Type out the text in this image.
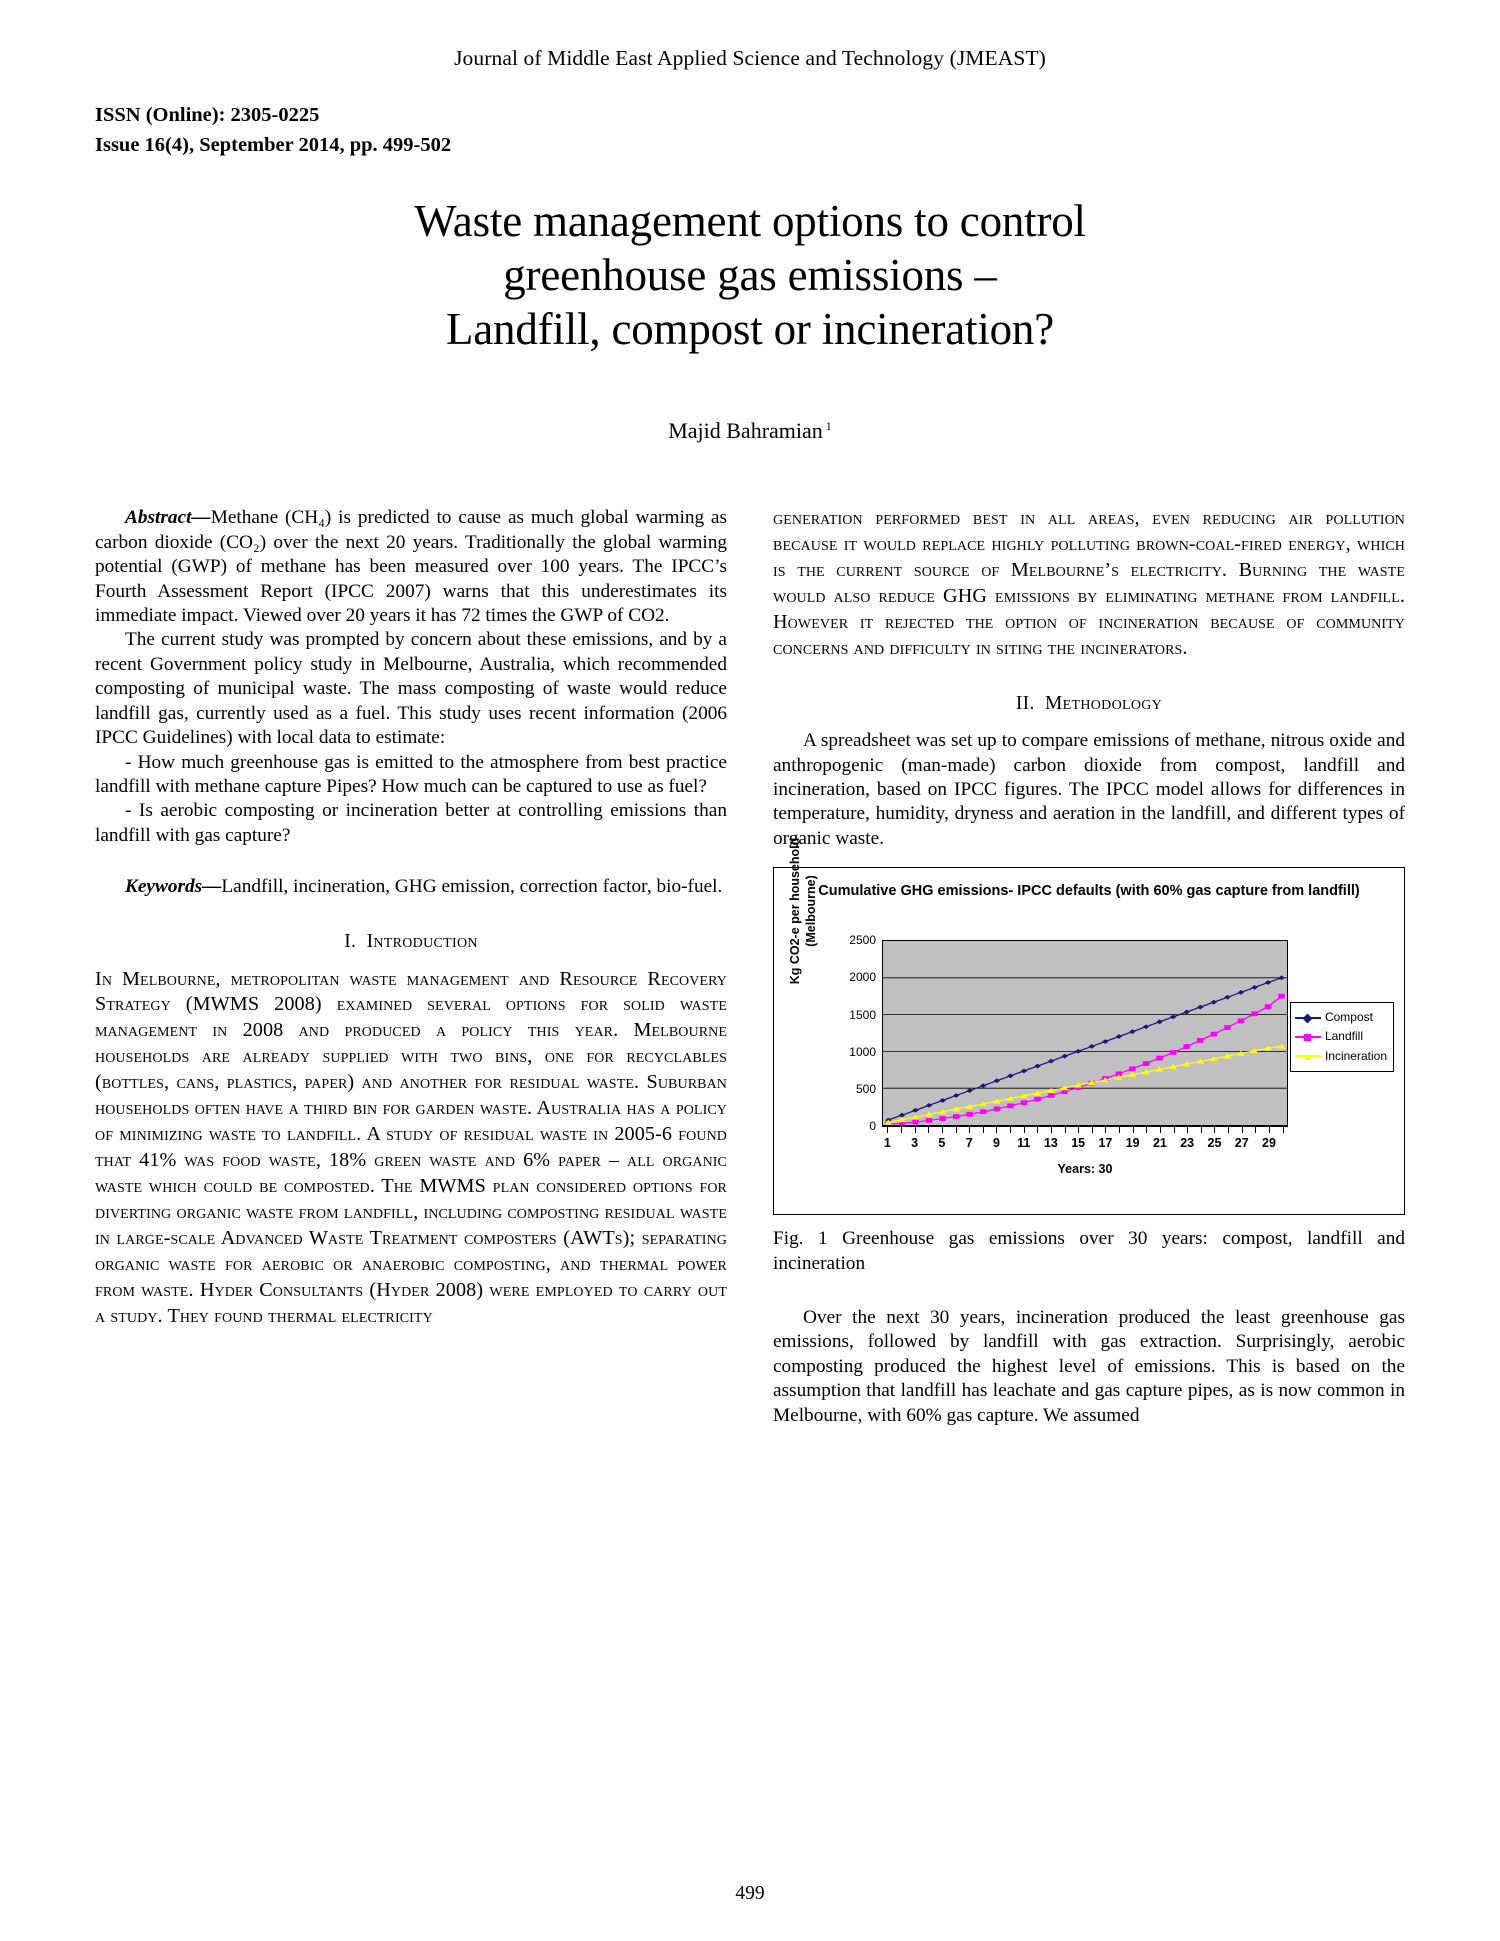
Journal of Middle East Applied Science and Technology (JMEAST)
ISSN (Online): 2305-0225
Issue 16(4), September 2014, pp. 499-502
Waste management options to control
greenhouse gas emissions –
Landfill, compost or incineration?
Majid Bahramian $^1$

Abstract—Methane (CH₄) is predicted to cause as much global warming as carbon dioxide (CO₂) over the next 20 years. Traditionally the global warming potential (GWP) of methane has been measured over 100 years. The IPCC’s Fourth Assessment Report (IPCC 2007) warns that this underestimates its immediate impact. Viewed over 20 years it has 72 times the GWP of CO2.

The current study was prompted by concern about these emissions, and by a recent Government policy study in Melbourne, Australia, which recommended composting of municipal waste. The mass composting of waste would reduce landfill gas, currently used as a fuel. This study uses recent information (2006 IPCC Guidelines) with local data to estimate:

- How much greenhouse gas is emitted to the atmosphere from best practice landfill with methane capture Pipes? How much can be captured to use as fuel?

- Is aerobic composting or incineration better at controlling emissions than landfill with gas capture?

Keywords—Landfill, incineration, GHG emission, correction factor, bio-fuel.

I. Introduction

In Melbourne, metropolitan waste management and Resource Recovery Strategy (MWMS 2008) examined several options for solid waste management in 2008 and produced a policy this year. Melbourne households are already supplied with two bins, one for recyclables (bottles, cans, plastics, paper) and another for residual waste. Suburban households often have a third bin for garden waste. Australia has a policy of minimizing waste to landfill. A study of residual waste in 2005-6 found that 41% was food waste, 18% green waste and 6% paper – all organic waste which could be composted. The MWMS plan considered options for diverting organic waste from landfill, including composting residual waste in large-scale Advanced Waste Treatment composters (AWTs); separating organic waste for aerobic or anaerobic composting, and thermal power from waste. Hyder Consultants (Hyder 2008) were employed to carry out a study. They found thermal electricity

generation performed best in all areas, even reducing air pollution because it would replace highly polluting brown-coal-fired energy, which is the current source of Melbourne’s electricity. Burning the waste would also reduce GHG emissions by eliminating methane from landfill. However it rejected the option of incineration because of community concerns and difficulty in siting the incinerators.

II. Methodology

A spreadsheet was set up to compare emissions of methane, nitrous oxide and anthropogenic (man-made) carbon dioxide from compost, landfill and incineration, based on IPCC figures. The IPCC model allows for differences in temperature, humidity, dryness and aeration in the landfill, and different types of organic waste.

Cumulative GHG emissions- IPCC defaults (with 60% gas capture from landfill)
Kg CO2-e per household (Melbourne)
0
500
1000
1500
2000
2500
1 3 5 7 9 11 13 15 17 19 21 23 25 27 29
Years: 30
Compost
Landfill
Incineration
Fig. 1 Greenhouse gas emissions over 30 years: compost, landfill and incineration

Over the next 30 years, incineration produced the least greenhouse gas emissions, followed by landfill with gas extraction. Surprisingly, aerobic composting produced the highest level of emissions. This is based on the assumption that landfill has leachate and gas capture pipes, as is now common in Melbourne, with 60% gas capture. We assumed

499
